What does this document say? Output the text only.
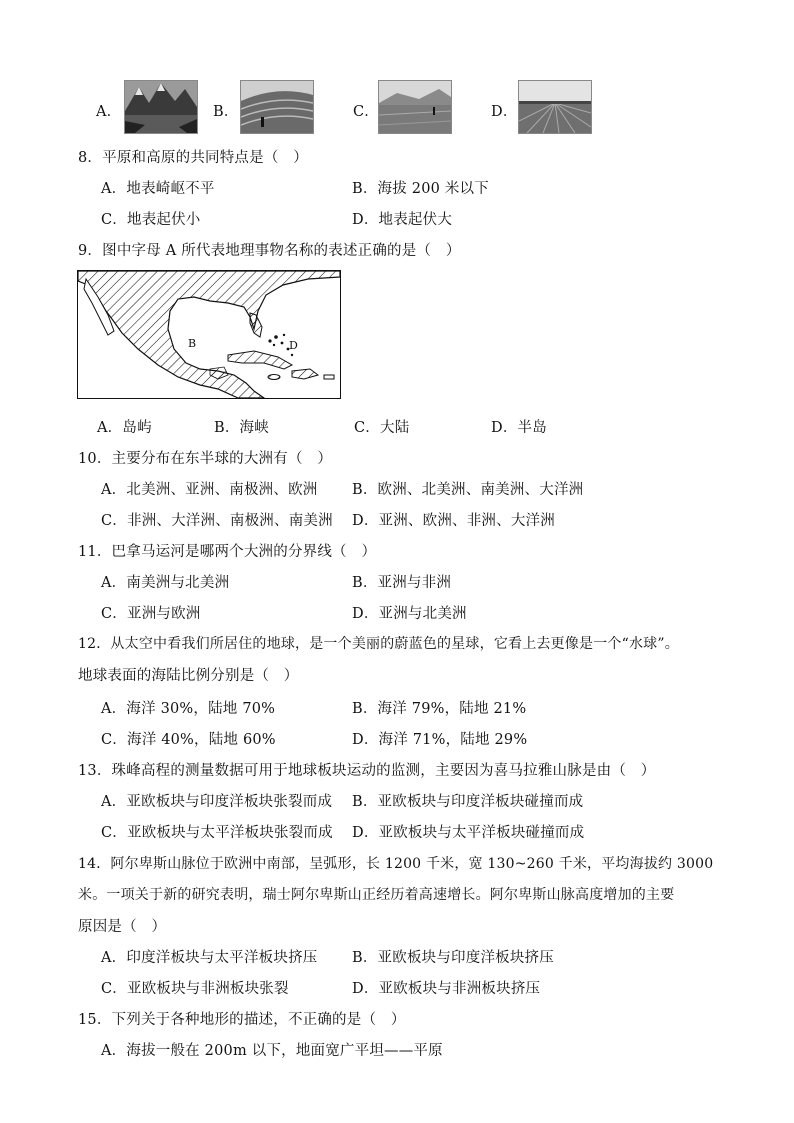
A．	B．	C．	D．
8．平原和高原的共同特点是（　）
A．地表崎岖不平	B．海拔 200 米以下
C．地表起伏小	D．地表起伏大
9．图中字母 A 所代表地理事物名称的表述正确的是（　）
B	D
A．岛屿	B．海峡	C．大陆	D．半岛
10．主要分布在东半球的大洲有（　）
A．北美洲、亚洲、南极洲、欧洲 B．欧洲、北美洲、南美洲、大洋洲
C．非洲、大洋洲、南极洲、南美洲 D．亚洲、欧洲、非洲、大洋洲
11．巴拿马运河是哪两个大洲的分界线（　）
A．南美洲与北美洲	B．亚洲与非洲
C．亚洲与欧洲	D．亚洲与北美洲
12．从太空中看我们所居住的地球，是一个美丽的蔚蓝色的星球，它看上去更像是一个“水球”。
地球表面的海陆比例分别是（　）
A．海洋 30%，陆地 70%	B．海洋 79%，陆地 21%
C．海洋 40%，陆地 60%	D．海洋 71%，陆地 29%
13．珠峰高程的测量数据可用于地球板块运动的监测，主要因为喜马拉雅山脉是由（　）
A．亚欧板块与印度洋板块张裂而成 B．亚欧板块与印度洋板块碰撞而成
C．亚欧板块与太平洋板块张裂而成 D．亚欧板块与太平洋板块碰撞而成
14．阿尔卑斯山脉位于欧洲中南部，呈弧形，长 1200 千米，宽 130~260 千米，平均海拔约 3000
米。一项关于新的研究表明，瑞士阿尔卑斯山正经历着高速增长。阿尔卑斯山脉高度增加的主要
原因是（　）
A．印度洋板块与太平洋板块挤压 B．亚欧板块与印度洋板块挤压
C．亚欧板块与非洲板块张裂	D．亚欧板块与非洲板块挤压
15．下列关于各种地形的描述，不正确的是（　）
A．海拔一般在 200m 以下，地面宽广平坦——平原
